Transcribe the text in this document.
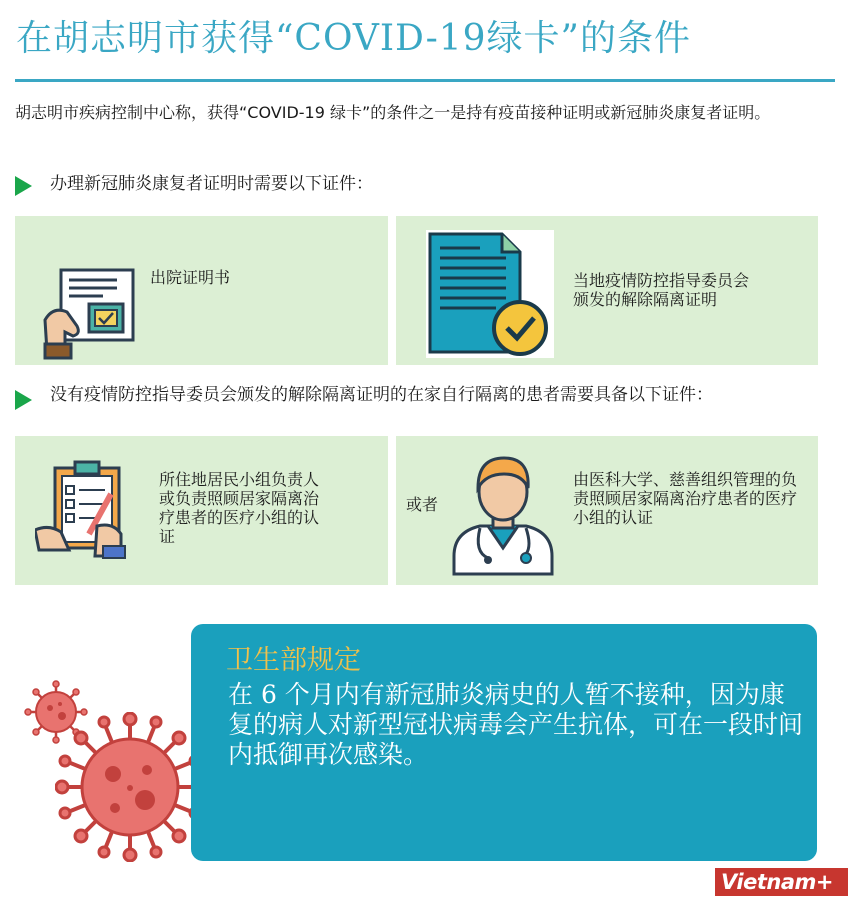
在胡志明市获得“COVID-19绿卡”的条件
胡志明市疾病控制中心称，获得“COVID-19 绿卡”的条件之一是持有疫苗接种证明或新冠肺炎康复者证明。
办理新冠肺炎康复者证明时需要以下证件：
出院证明书	当地疫情防控指导委员会颁发的解除隔离证明
没有疫情防控指导委员会颁发的解除隔离证明的在家自行隔离的患者需要具备以下证件：
所住地居民小组负责人或负责照顾居家隔离治疗患者的医疗小组的认证
或者
由医科大学、慈善组织管理的负责照顾居家隔离治疗患者的医疗小组的认证
卫生部规定
在 6 个月内有新冠肺炎病史的人暂不接种，因为康复的病人对新型冠状病毒会产生抗体，可在一段时间内抵御再次感染。
Vietnam+
